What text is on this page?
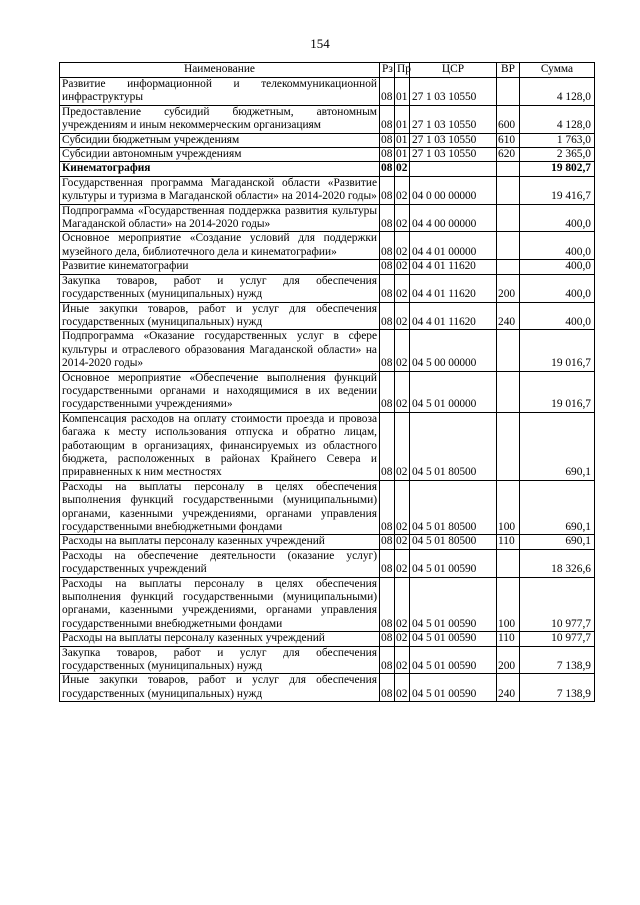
154
Наименование	Рз	Пр	ЦСР	ВР	Сумма
Развитие информационной и телекоммуникационной инфраструктуры	08	01	27 1 03 10550		4 128,0
Предоставление субсидий бюджетным, автономным учреждениям и иным некоммерческим организациям	08	01	27 1 03 10550	600	4 128,0
Субсидии бюджетным учреждениям	08	01	27 1 03 10550	610	1 763,0
Субсидии автономным учреждениям	08	01	27 1 03 10550	620	2 365,0
Кинематография	08	02			19 802,7
Государственная программа Магаданской области «Развитие культуры и туризма в Магаданской области» на 2014-2020 годы»	08	02	04 0 00 00000		19 416,7
Подпрограмма «Государственная поддержка развития культуры Магаданской области» на 2014-2020 годы»	08	02	04 4 00 00000		400,0
Основное мероприятие «Создание условий для поддержки музейного дела, библиотечного дела и кинематографии»	08	02	04 4 01 00000		400,0
Развитие кинематографии	08	02	04 4 01 11620		400,0
Закупка товаров, работ и услуг для обеспечения государственных (муниципальных) нужд	08	02	04 4 01 11620	200	400,0
Иные закупки товаров, работ и услуг для обеспечения государственных (муниципальных) нужд	08	02	04 4 01 11620	240	400,0
Подпрограмма «Оказание государственных услуг в сфере культуры и отраслевого образования Магаданской области» на 2014-2020 годы»	08	02	04 5 00 00000		19 016,7
Основное мероприятие «Обеспечение выполнения функций государственными органами и находящимися в их ведении государственными учреждениями»	08	02	04 5 01 00000		19 016,7
Компенсация расходов на оплату стоимости проезда и провоза багажа к месту использования отпуска и обратно лицам, работающим в организациях, финансируемых из областного бюджета, расположенных в районах Крайнего Севера и приравненных к ним местностях	08	02	04 5 01 80500		690,1
Расходы на выплаты персоналу в целях обеспечения выполнения функций государственными (муниципальными) органами, казенными учреждениями, органами управления государственными внебюджетными фондами	08	02	04 5 01 80500	100	690,1
Расходы на выплаты персоналу казенных учреждений	08	02	04 5 01 80500	110	690,1
Расходы на обеспечение деятельности (оказание услуг) государственных учреждений	08	02	04 5 01 00590		18 326,6
Расходы на выплаты персоналу в целях обеспечения выполнения функций государственными (муниципальными) органами, казенными учреждениями, органами управления государственными внебюджетными фондами	08	02	04 5 01 00590	100	10 977,7
Расходы на выплаты персоналу казенных учреждений	08	02	04 5 01 00590	110	10 977,7
Закупка товаров, работ и услуг для обеспечения государственных (муниципальных) нужд	08	02	04 5 01 00590	200	7 138,9
Иные закупки товаров, работ и услуг для обеспечения государственных (муниципальных) нужд	08	02	04 5 01 00590	240	7 138,9
